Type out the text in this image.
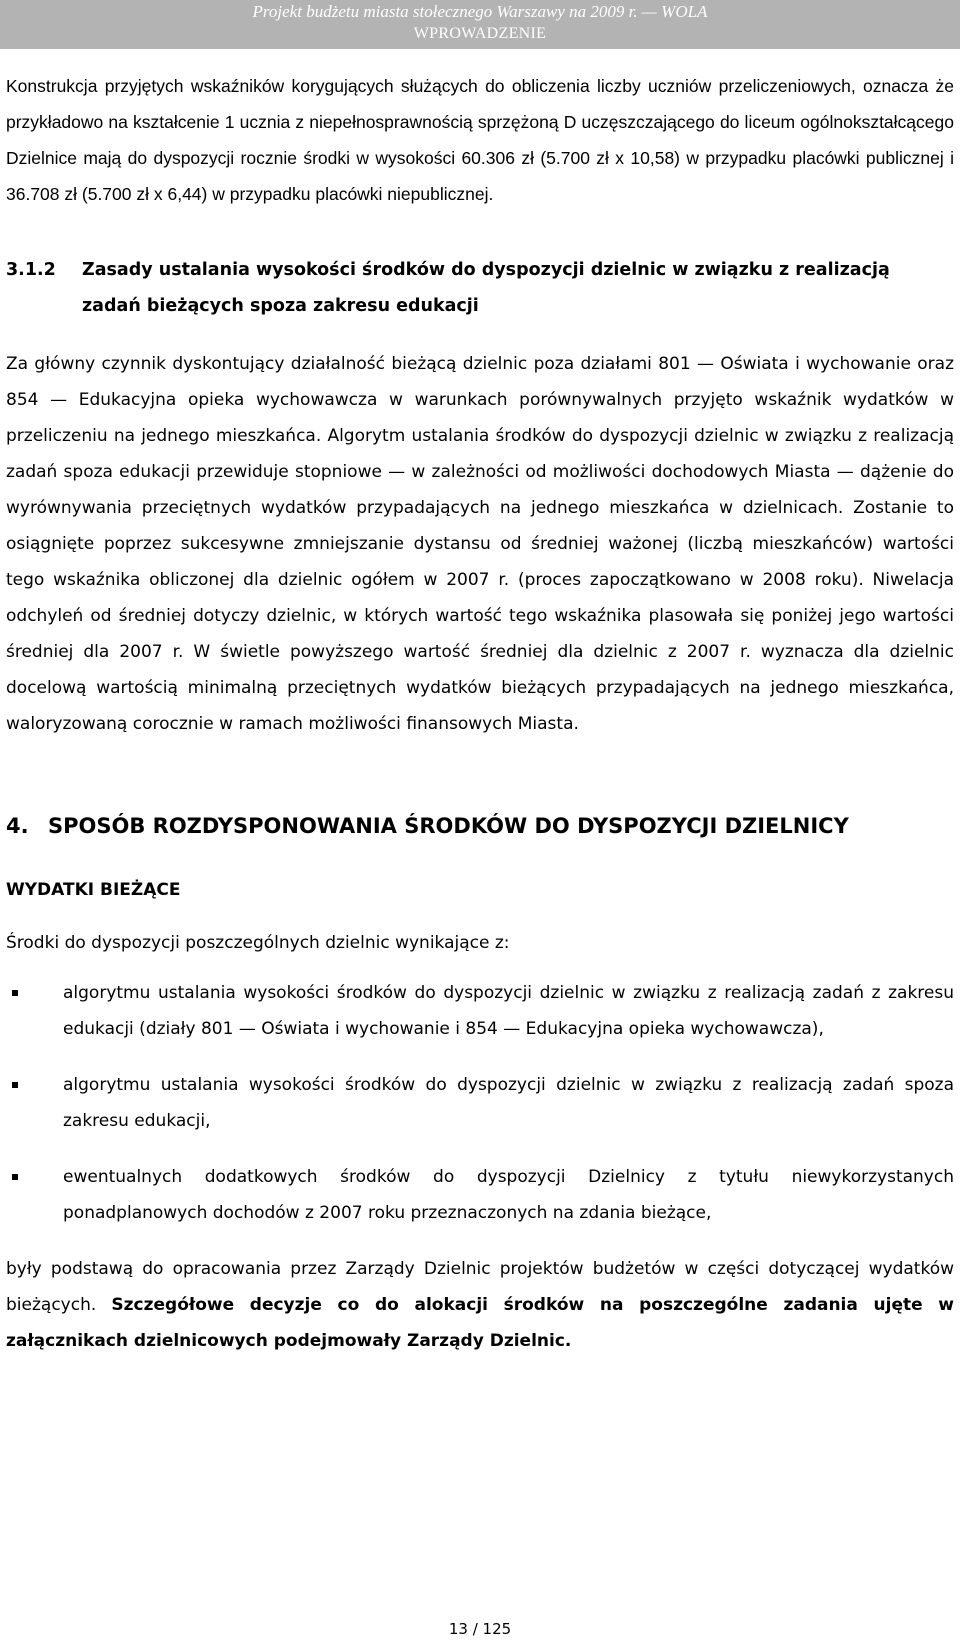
Projekt budżetu miasta stołecznego Warszawy na 2009 r. — WOLA
WPROWADZENIE

Konstrukcja przyjętych wskaźników korygujących służących do obliczenia liczby uczniów przeliczeniowych, oznacza że przykładowo na kształcenie 1 ucznia z niepełnosprawnością sprzężoną D uczęszczającego do liceum ogólnokształcącego Dzielnice mają do dyspozycji rocznie środki w wysokości 60.306 zł (5.700 zł x 10,58) w przypadku placówki publicznej i 36.708 zł (5.700 zł x 6,44) w przypadku placówki niepublicznej.

3.1.2 Zasady ustalania wysokości środków do dyspozycji dzielnic w związku z realizacją zadań bieżących spoza zakresu edukacji

Za główny czynnik dyskontujący działalność bieżącą dzielnic poza działami 801 — Oświata i wychowanie oraz 854 — Edukacyjna opieka wychowawcza w warunkach porównywalnych przyjęto wskaźnik wydatków w przeliczeniu na jednego mieszkańca. Algorytm ustalania środków do dyspozycji dzielnic w związku z realizacją zadań spoza edukacji przewiduje stopniowe — w zależności od możliwości dochodowych Miasta — dążenie do wyrównywania przeciętnych wydatków przypadających na jednego mieszkańca w dzielnicach. Zostanie to osiągnięte poprzez sukcesywne zmniejszanie dystansu od średniej ważonej (liczbą mieszkańców) wartości tego wskaźnika obliczonej dla dzielnic ogółem w 2007 r. (proces zapoczątkowano w 2008 roku). Niwelacja odchyleń od średniej dotyczy dzielnic, w których wartość tego wskaźnika plasowała się poniżej jego wartości średniej dla 2007 r. W świetle powyższego wartość średniej dla dzielnic z 2007 r. wyznacza dla dzielnic docelową wartością minimalną przeciętnych wydatków bieżących przypadających na jednego mieszkańca, waloryzowaną corocznie w ramach możliwości finansowych Miasta.

4. SPOSÓB ROZDYSPONOWANIA ŚRODKÓW DO DYSPOZYCJI DZIELNICY
WYDATKI BIEŻĄCE

Środki do dyspozycji poszczególnych dzielnic wynikające z:

algorytmu ustalania wysokości środków do dyspozycji dzielnic w związku z realizacją zadań z zakresu edukacji (działy 801 — Oświata i wychowanie i 854 — Edukacyjna opieka wychowawcza),
algorytmu ustalania wysokości środków do dyspozycji dzielnic w związku z realizacją zadań spoza zakresu edukacji,
ewentualnych dodatkowych środków do dyspozycji Dzielnicy z tytułu niewykorzystanych ponadplanowych dochodów z 2007 roku przeznaczonych na zdania bieżące,

były podstawą do opracowania przez Zarządy Dzielnic projektów budżetów w części dotyczącej wydatków bieżących. Szczegółowe decyzje co do alokacji środków na poszczególne zadania ujęte w załącznikach dzielnicowych podejmowały Zarządy Dzielnic.

13 / 125
